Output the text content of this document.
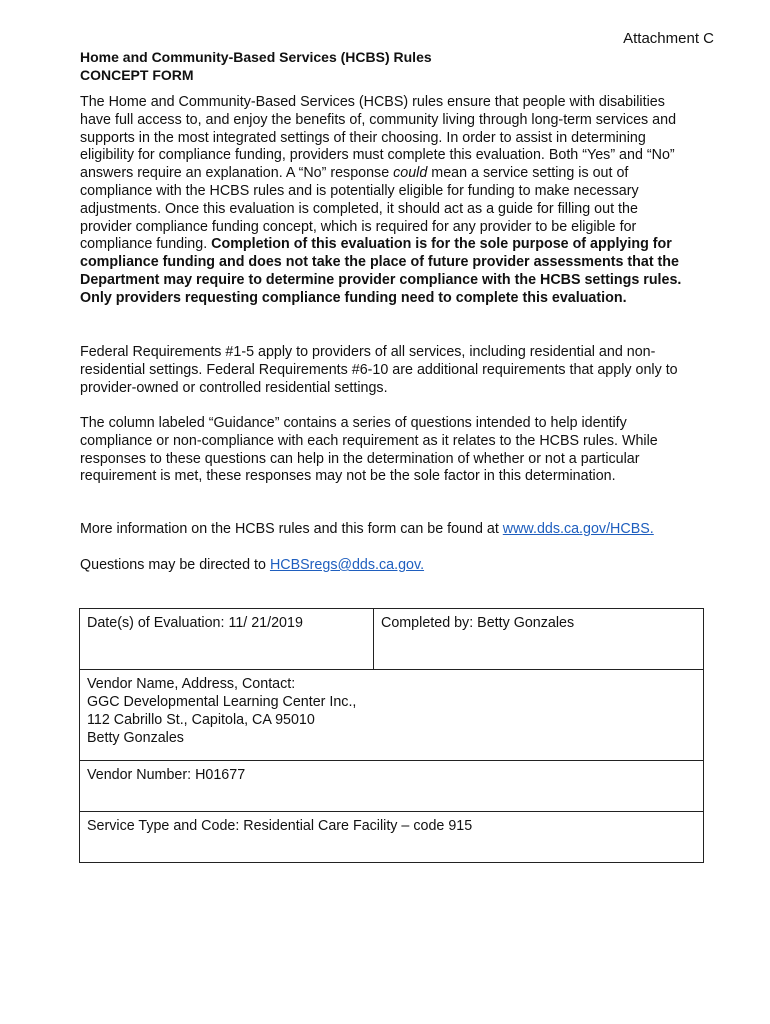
Attachment C
Home and Community-Based Services (HCBS) Rules
CONCEPT FORM
The Home and Community-Based Services (HCBS) rules ensure that people with disabilities have full access to, and enjoy the benefits of, community living through long-term services and supports in the most integrated settings of their choosing. In order to assist in determining eligibility for compliance funding, providers must complete this evaluation. Both “Yes” and “No” answers require an explanation. A “No” response could mean a service setting is out of compliance with the HCBS rules and is potentially eligible for funding to make necessary adjustments. Once this evaluation is completed, it should act as a guide for filling out the provider compliance funding concept, which is required for any provider to be eligible for compliance funding. Completion of this evaluation is for the sole purpose of applying for compliance funding and does not take the place of future provider assessments that the Department may require to determine provider compliance with the HCBS settings rules. Only providers requesting compliance funding need to complete this evaluation.
Federal Requirements #1-5 apply to providers of all services, including residential and non-residential settings. Federal Requirements #6-10 are additional requirements that apply only to provider-owned or controlled residential settings.
The column labeled “Guidance” contains a series of questions intended to help identify compliance or non-compliance with each requirement as it relates to the HCBS rules. While responses to these questions can help in the determination of whether or not a particular requirement is met, these responses may not be the sole factor in this determination.
More information on the HCBS rules and this form can be found at www.dds.ca.gov/HCBS.
Questions may be directed to HCBSregs@dds.ca.gov.
Date(s) of Evaluation: 11/ 21/2019	Completed by: Betty Gonzales

Vendor Name, Address, Contact:
GGC Developmental Learning Center Inc.,
112 Cabrillo St., Capitola, CA 95010
Betty Gonzales

Vendor Number: H01677
Service Type and Code: Residential Care Facility – code 915
